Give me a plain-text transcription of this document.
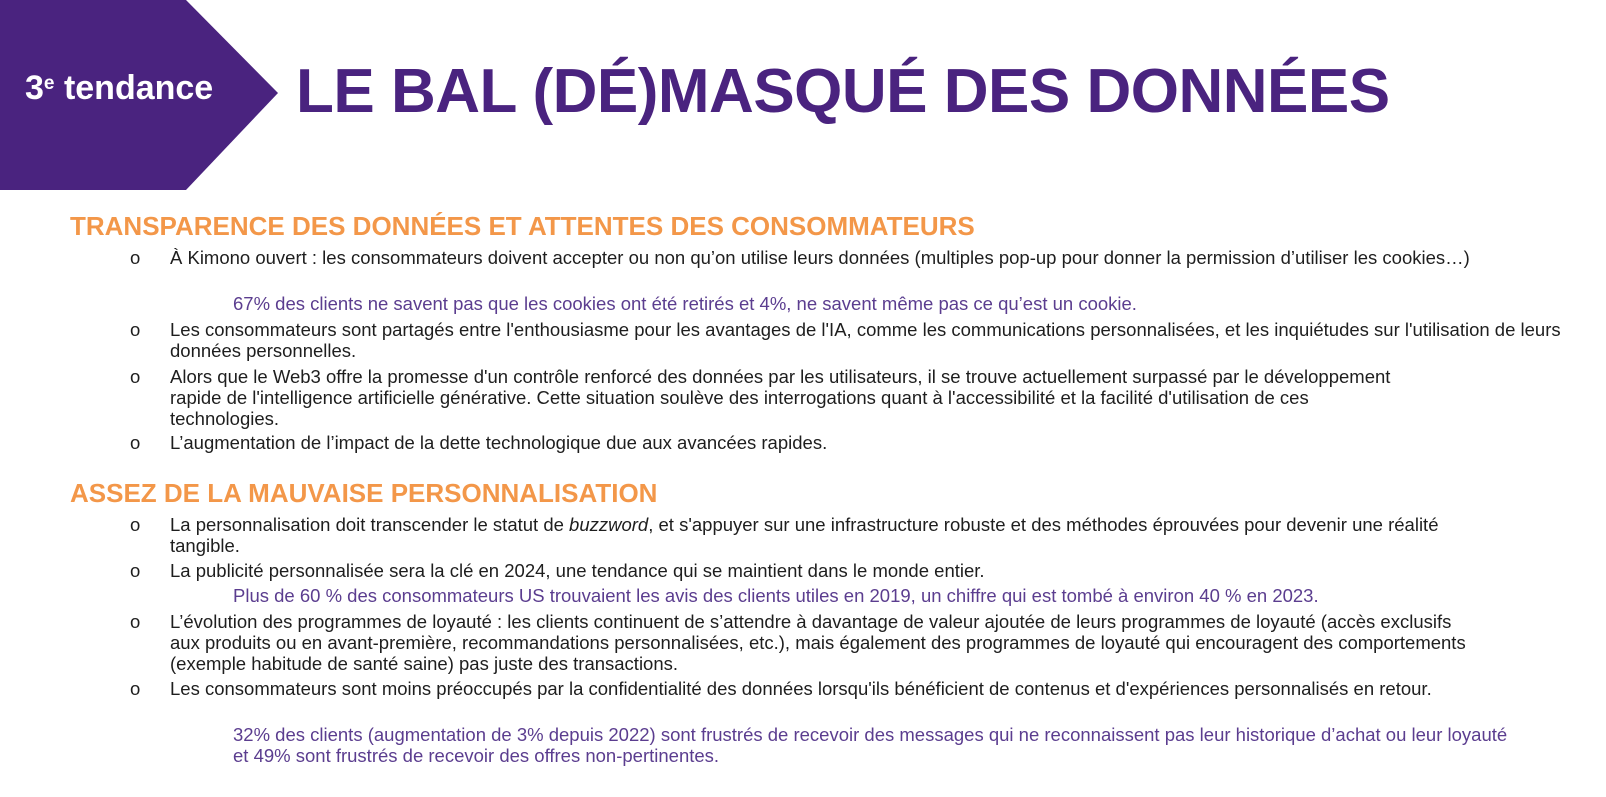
3e tendance LE BAL (DÉ)MASQUÉ DES DONNÉES
TRANSPARENCE DES DONNÉES ET ATTENTES DES CONSOMMATEURS
o	À Kimono ouvert : les consommateurs doivent accepter ou non qu’on utilise leurs données (multiples pop-up pour donner la permission d’utiliser les cookies…)
67% des clients ne savent pas que les cookies ont été retirés et 4%, ne savent même pas ce qu’est un cookie.
o	Les consommateurs sont partagés entre l'enthousiasme pour les avantages de l'IA, comme les communications personnalisées, et les inquiétudes sur l'utilisation de leurs données personnelles.
o	Alors que le Web3 offre la promesse d'un contrôle renforcé des données par les utilisateurs, il se trouve actuellement surpassé par le développement rapide de l'intelligence artificielle générative. Cette situation soulève des interrogations quant à l'accessibilité et la facilité d'utilisation de ces technologies.
o	L’augmentation de l’impact de la dette technologique due aux avancées rapides.
ASSEZ DE LA MAUVAISE PERSONNALISATION
o	La personnalisation doit transcender le statut de buzzword, et s'appuyer sur une infrastructure robuste et des méthodes éprouvées pour devenir une réalité tangible.
o	La publicité personnalisée sera la clé en 2024, une tendance qui se maintient dans le monde entier.
Plus de 60 % des consommateurs US trouvaient les avis des clients utiles en 2019, un chiffre qui est tombé à environ 40 % en 2023.
o	L’évolution des programmes de loyauté : les clients continuent de s’attendre à davantage de valeur ajoutée de leurs programmes de loyauté (accès exclusifs aux produits ou en avant-première, recommandations personnalisées, etc.), mais également des programmes de loyauté qui encouragent des comportements (exemple habitude de santé saine) pas juste des transactions.
o	Les consommateurs sont moins préoccupés par la confidentialité des données lorsqu'ils bénéficient de contenus et d'expériences personnalisés en retour.
32% des clients (augmentation de 3% depuis 2022) sont frustrés de recevoir des messages qui ne reconnaissent pas leur historique d’achat ou leur loyauté et 49% sont frustrés de recevoir des offres non-pertinentes.
